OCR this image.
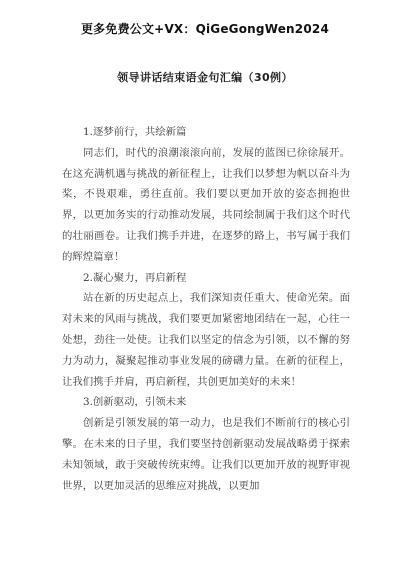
更多免费公文+VX：QiGeGongWen2024
领导讲话结束语金句汇编（30例）

1.逐梦前行，共绘新篇

同志们，时代的浪潮滚滚向前，发展的蓝图已徐徐展开。在这充满机遇与挑战的新征程上，让我们以梦想为帆以奋斗为桨，不畏艰难，勇往直前。我们要以更加开放的姿态拥抱世界，以更加务实的行动推动发展，共同绘制属于我们这个时代的壮丽画卷。让我们携手并进，在逐梦的路上，书写属于我们的辉煌篇章！

2.凝心聚力，再启新程

站在新的历史起点上，我们深知责任重大、使命光荣。面对未来的风雨与挑战，我们要更加紧密地团结在一起，心往一处想，劲往一处使。让我们以坚定的信念为引领，以不懈的努力为动力，凝聚起推动事业发展的磅礴力量。在新的征程上，让我们携手并肩，再启新程，共创更加美好的未来！

3.创新驱动，引领未来

创新是引领发展的第一动力，也是我们不断前行的核心引擎。在未来的日子里，我们要坚持创新驱动发展战略勇于探索未知领域，敢于突破传统束缚。让我们以更加开放的视野审视世界，以更加灵活的思维应对挑战，以更加
